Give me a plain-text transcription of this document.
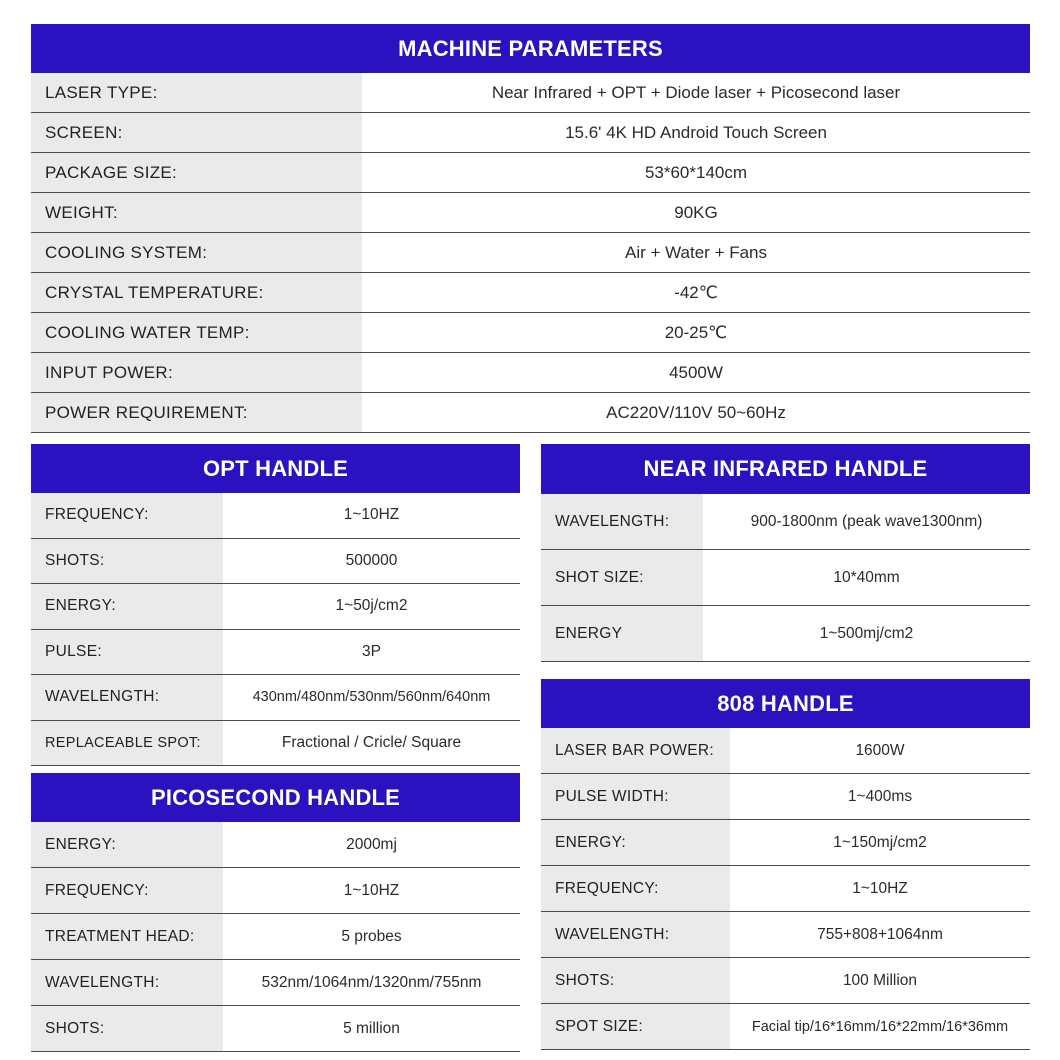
MACHINE PARAMETERS
LASER TYPE:	Near Infrared + OPT + Diode laser + Picosecond laser
SCREEN:	15.6' 4K HD Android Touch Screen
PACKAGE SIZE:	53*60*140cm
WEIGHT:	90KG
COOLING SYSTEM:	Air + Water + Fans
CRYSTAL TEMPERATURE:	-42℃
COOLING WATER TEMP:	20-25℃
INPUT POWER:	4500W
POWER REQUIREMENT:	AC220V/110V 50~60Hz
OPT HANDLE
FREQUENCY:	1~10HZ
SHOTS:	500000
ENERGY:	1~50j/cm2
PULSE:	3P
WAVELENGTH:	430nm/480nm/530nm/560nm/640nm
REPLACEABLE SPOT:	Fractional / Cricle/ Square
PICOSECOND HANDLE
ENERGY:	2000mj
FREQUENCY:	1~10HZ
TREATMENT HEAD:	5 probes
WAVELENGTH:	532nm/1064nm/1320nm/755nm
SHOTS:	5 million
NEAR INFRARED HANDLE
WAVELENGTH:	900-1800nm (peak wave1300nm)
SHOT SIZE:	10*40mm
ENERGY	1~500mj/cm2
808 HANDLE
LASER BAR POWER:	1600W
PULSE WIDTH:	1~400ms
ENERGY:	1~150mj/cm2
FREQUENCY:	1~10HZ
WAVELENGTH:	755+808+1064nm
SHOTS:	100 Million
SPOT SIZE:	Facial tip/16*16mm/16*22mm/16*36mm
